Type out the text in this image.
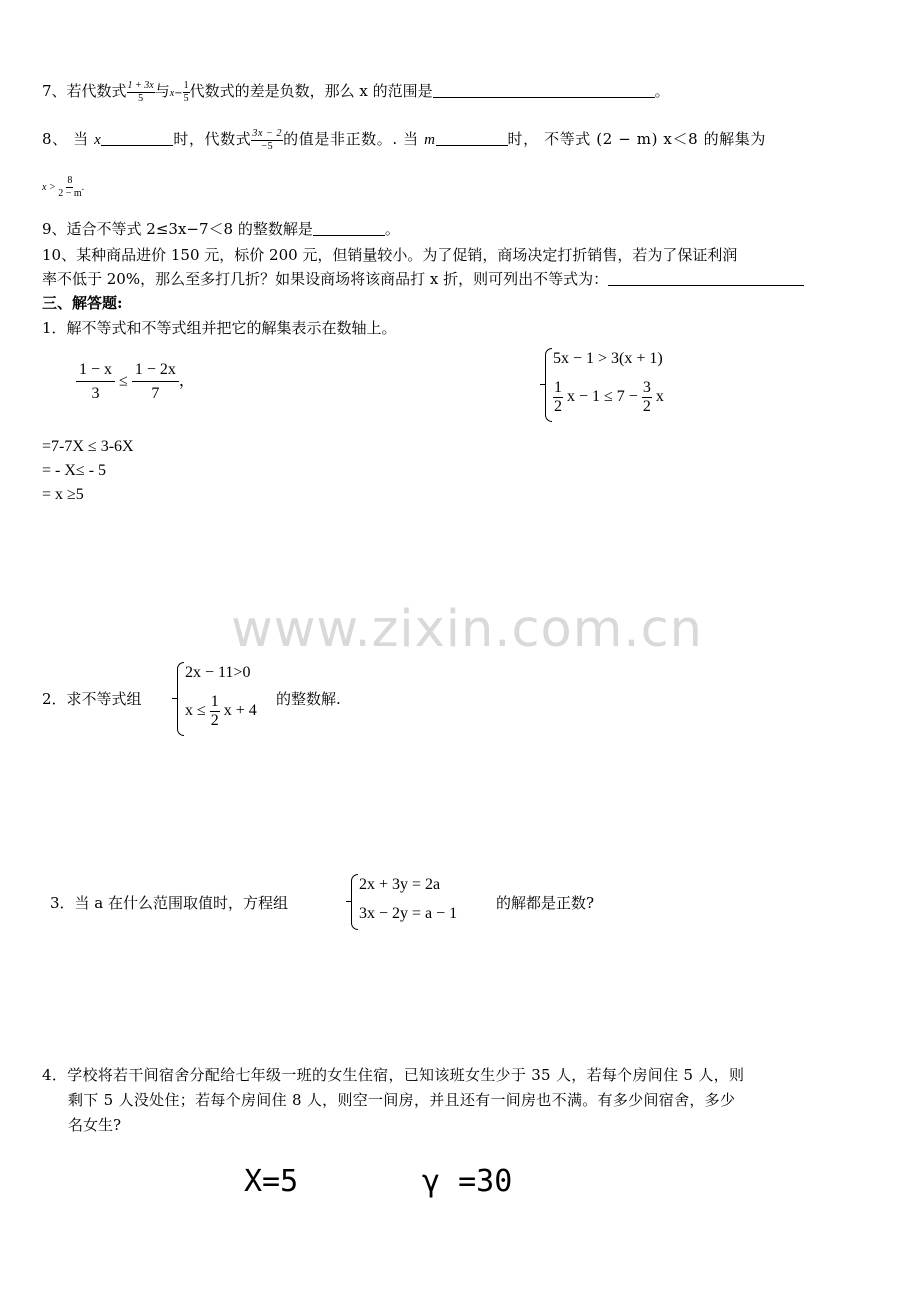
7、若代数式 $\frac{1 + 3x}{5}$ 与$x- \frac{1}{5}$ 代数式的差是负数，那么 x 的范围是	。
8、 当 x	时，代数式 $\frac{3x - 2}{-5}$ 的值是非正数。. 当 m	时， 不等式 (2 − m) x＜8 的解集为
$x > \frac{8}{2 - m}$ .
9、适合不等式 2≤3x−7＜8 的整数解是	。
10、某种商品进价 150 元，标价 200 元，但销量较小。为了促销，商场决定打折销售，若为了保证利润
率不低于 20%，那么至多打几折？如果设商场将该商品打 x 折，则可列出不等式为：
三、解答题:
1．解不等式和不等式组并把它的解集表示在数轴上。
$\frac{1 - x}{3} \le \frac{1 - 2x}{7}$ ，
5x − 1 > 3(x + 1)
$\frac{1}{2}$ $x - 1 \le 7 - \frac{3}{2}$ x
=7-7X ≤ 3-6X
= - X≤ - 5
= x ≥5
www.zixin.com.cn
2．求不等式组
2x − 11>0
$x \le \frac{1}{2}$ x + 4
的整数解.
3．当 a 在什么范围取值时，方程组
2x + 3y = 2a
3x − 2y = a − 1
的解都是正数?
4．学校将若干间宿舍分配给七年级一班的女生住宿，已知该班女生少于 35 人，若每个房间住 5 人，则
剩下 5 人没处住；若每个房间住 8 人，则空一间房，并且还有一间房也不满。有多少间宿舍，多少
名女生?
X=5	γ =30
